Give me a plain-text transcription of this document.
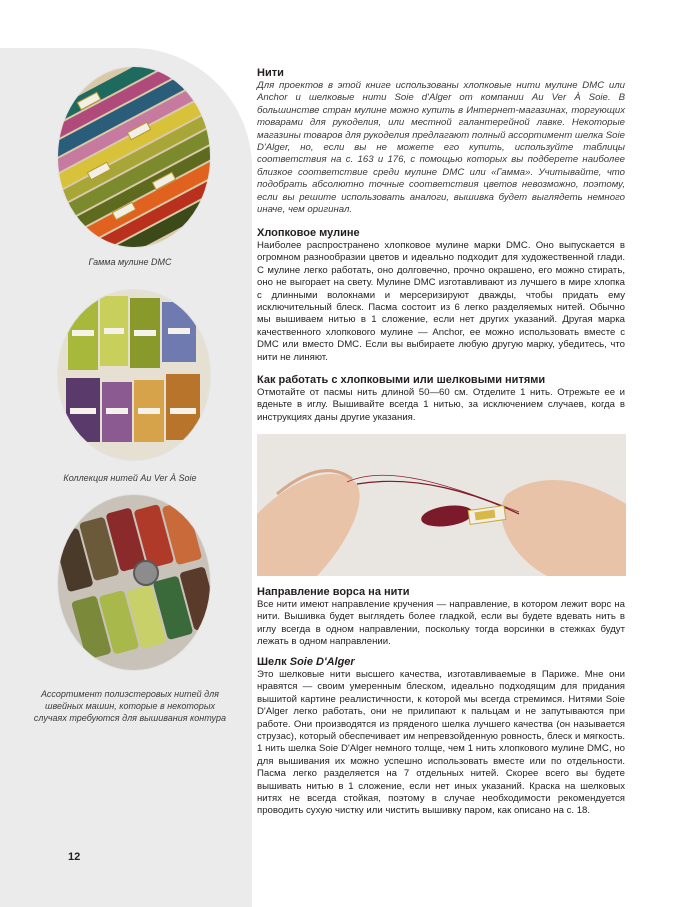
Гамма мулине DMC
Коллекция нитей Au Ver À Soie
Ассортимент полиэстеровых нитей для швейных машин, которые в некоторых случаях требуются для вышивания контура

Нити

Для проектов в этой книге использованы хлопковые нити мулине DMC или Anchor и шелковые нити Soie d'Alger от компании Au Ver À Soie. В большинстве стран мулине можно купить в Интернет-магазинах, торгующих товарами для рукоделия, или местной галантерейной лавке. Некоторые магазины товаров для рукоделия предлагают полный ассортимент шелка Soie D'Alger, но, если вы не можете его купить, используйте таблицы соответствия на с. 163 и 176, с помощью которых вы подберете наиболее близкое соответствие среди мулине DMC или «Гамма». Учитывайте, что подобрать абсолютно точные соответствия цветов невозможно, поэтому, если вы решите использовать аналоги, вышивка будет выглядеть немного иначе, чем оригинал.

Хлопковое мулине

Наиболее распространено хлопковое мулине марки DMC. Оно выпускается в огромном разнообразии цветов и идеально подходит для художественной глади. С мулине легко работать, оно долговечно, прочно окрашено, его можно стирать, оно не выгорает на свету. Мулине DMC изготавливают из лучшего в мире хлопка с длинными волокнами и мерсеризируют дважды, чтобы придать ему исключительный блеск. Пасма состоит из 6 легко разделяемых нитей. Обычно мы вышиваем нитью в 1 сложение, если нет других указаний. Другая марка качественного хлопкового мулине — Anchor, ее можно использовать вместе с DMC или вместо DMC. Если вы выбираете любую другую марку, убедитесь, что нити не линяют.

Как работать с хлопковыми или шелковыми нитями

Отмотайте от пасмы нить длиной 50—60 см. Отделите 1 нить. Отрежьте ее и вденьте в иглу. Вышивайте всегда 1 нитью, за исключением случаев, когда в инструкциях даны другие указания.

Направление ворса на нити

Все нити имеют направление кручения — направление, в котором лежит ворс на нити. Вышивка будет выглядеть более гладкой, если вы будете вдевать нить в иглу всегда в одном направлении, поскольку тогда ворсинки в стежках будут лежать в одном направлении.

Шелк Soie D'Alger

Это шелковые нити высшего качества, изготавливаемые в Париже. Мне они нравятся — своим умеренным блеском, идеально подходящим для придания вышитой картине реалистичности, к которой мы всегда стремимся. Нитями Soie D'Alger легко работать, они не прилипают к пальцам и не запутываются при работе. Они производятся из пряденого шелка лучшего качества (он называется струзас), который обеспечивает им непревзойденную ровность, блеск и мягкость. 1 нить шелка Soie D'Alger немного толще, чем 1 нить хлопкового мулине DMC, но для вышивания их можно успешно использовать вместе или по отдельности. Пасма легко разделяется на 7 отдельных нитей. Скорее всего вы будете вышивать нитью в 1 сложение, если нет иных указаний. Краска на шелковых нитях не всегда стойкая, поэтому в случае необходимости рекомендуется проводить сухую чистку или чистить вышивку паром, как описано на с. 18.

12
